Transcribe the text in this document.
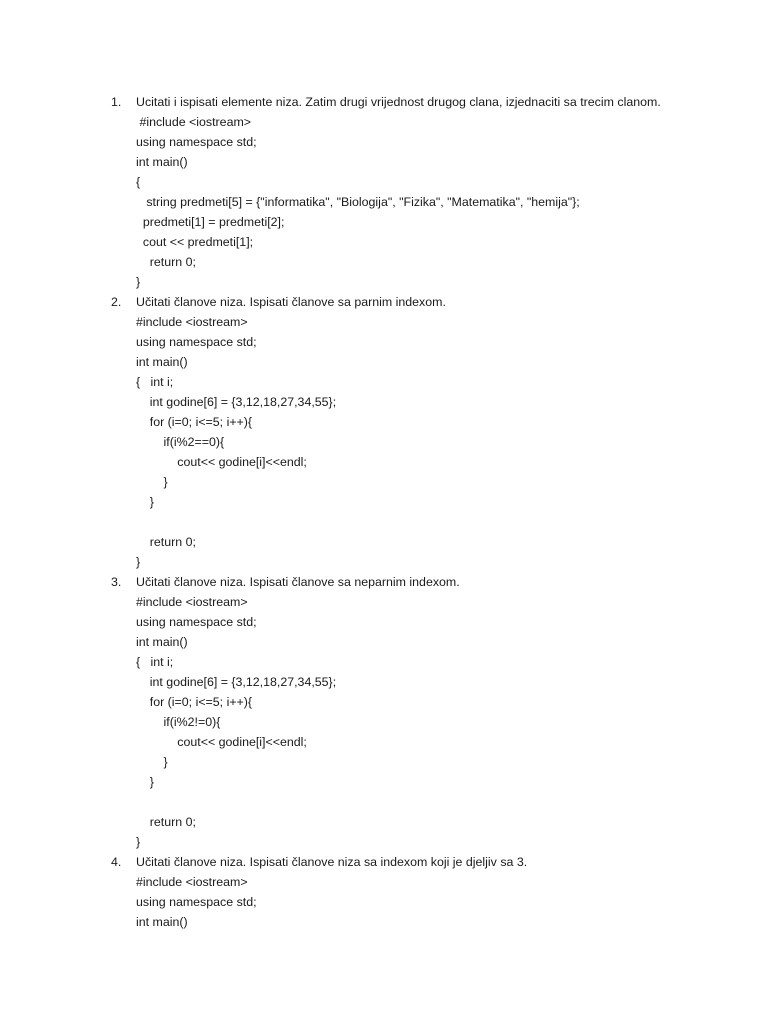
1. Ucitati i ispisati elemente niza. Zatim drugi vrijednost drugog clana, izjednaciti sa trecim clanom.
#include <iostream>
using namespace std;
int main()
{
string predmeti[5] = {"informatika", "Biologija", "Fizika", "Matematika", "hemija"};
predmeti[1] = predmeti[2];
cout << predmeti[1];
return 0;
}
2. Učitati članove niza. Ispisati članove sa parnim indexom.
#include <iostream>
using namespace std;
int main()
{   int i;
int godine[6] = {3,12,18,27,34,55};
for (i=0; i<=5; i++){
if(i%2==0){
cout<< godine[i]<<endl;
}
}
return 0;
}
3. Učitati članove niza. Ispisati članove sa neparnim indexom.
#include <iostream>
using namespace std;
int main()
{   int i;
int godine[6] = {3,12,18,27,34,55};
for (i=0; i<=5; i++){
if(i%2!=0){
cout<< godine[i]<<endl;
}
}
return 0;
}
4. Učitati članove niza. Ispisati članove niza sa indexom koji je djeljiv sa 3.
#include <iostream>
using namespace std;
int main()
